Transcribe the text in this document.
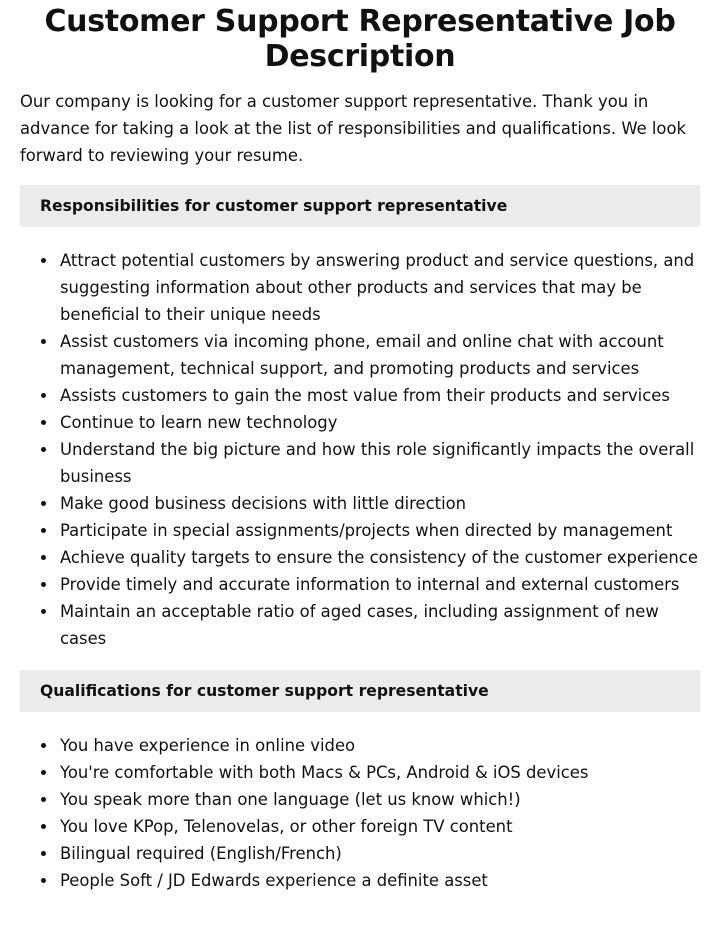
Customer Support Representative Job Description

Our company is looking for a customer support representative. Thank you in advance for taking a look at the list of responsibilities and qualifications. We look forward to reviewing your resume.

Responsibilities for customer support representative
Attract potential customers by answering product and service questions, and suggesting information about other products and services that may be beneficial to their unique needs
Assist customers via incoming phone, email and online chat with account management, technical support, and promoting products and services
Assists customers to gain the most value from their products and services
Continue to learn new technology
Understand the big picture and how this role significantly impacts the overall business
Make good business decisions with little direction
Participate in special assignments/projects when directed by management
Achieve quality targets to ensure the consistency of the customer experience
Provide timely and accurate information to internal and external customers
Maintain an acceptable ratio of aged cases, including assignment of new cases
Qualifications for customer support representative
You have experience in online video
You're comfortable with both Macs & PCs, Android & iOS devices
You speak more than one language (let us know which!)
You love KPop, Telenovelas, or other foreign TV content
Bilingual required (English/French)
People Soft / JD Edwards experience a definite asset
